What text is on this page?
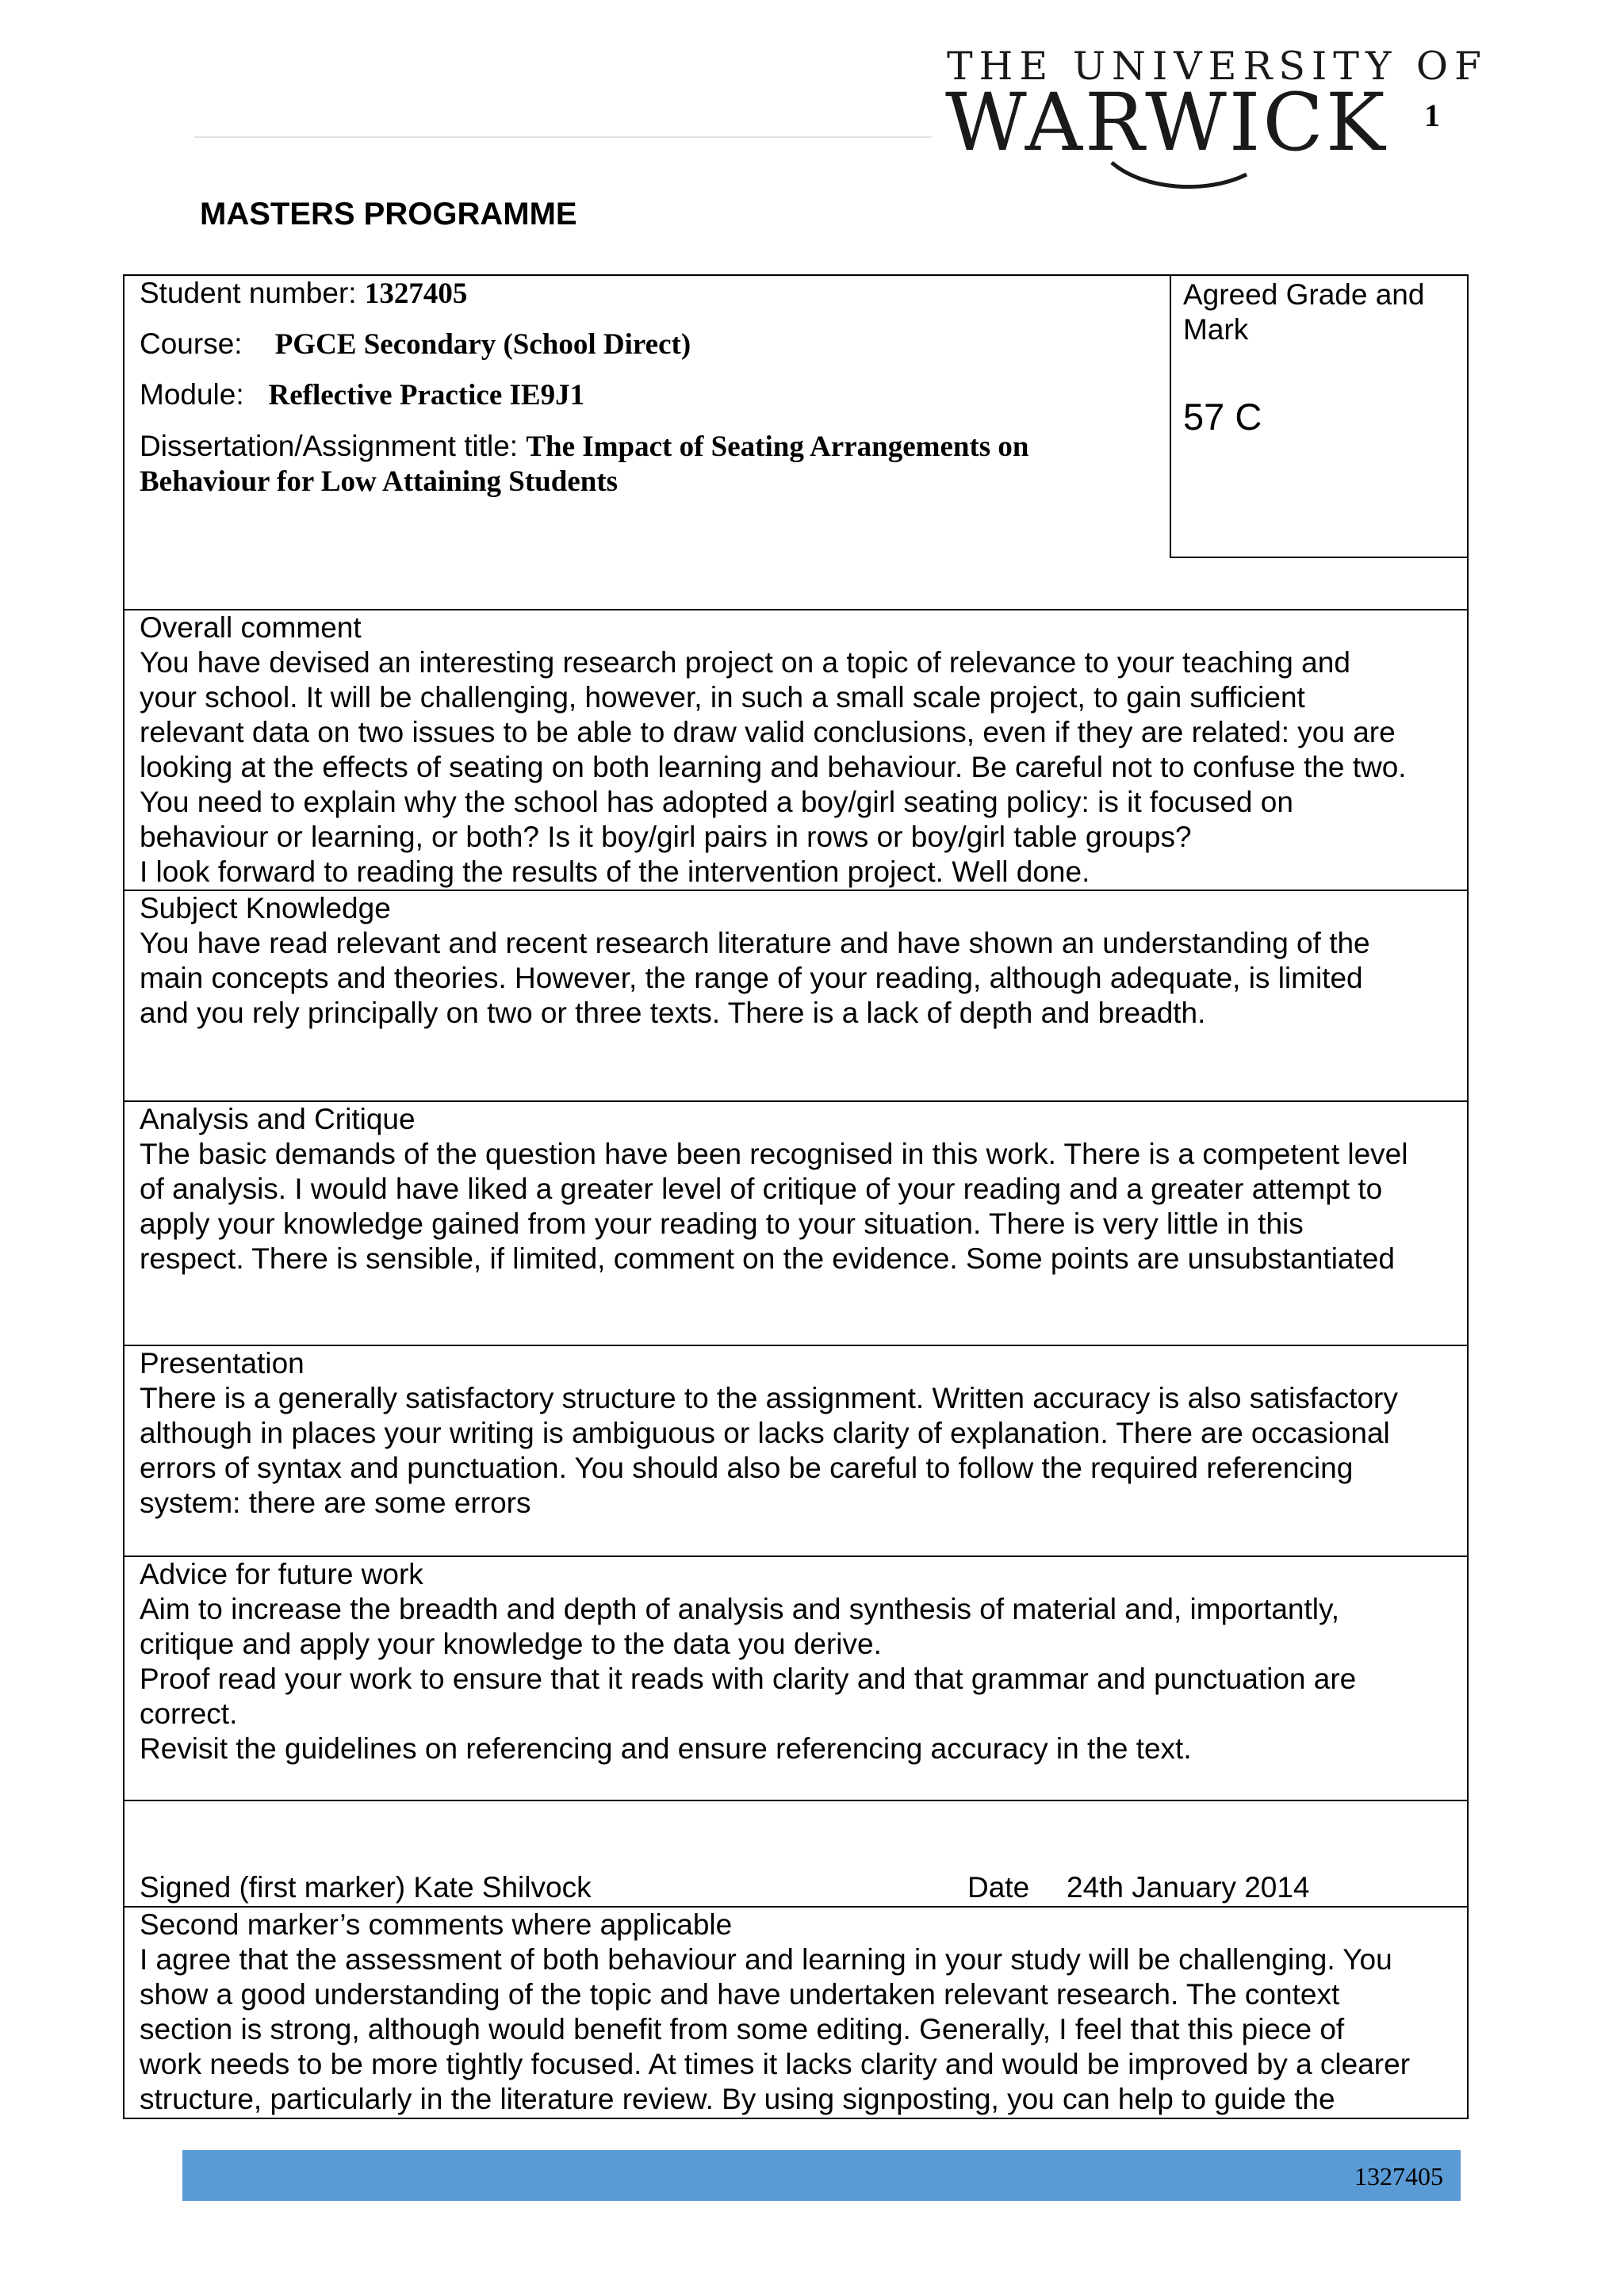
THE UNIVERSITY OF
WARWICK 1
MASTERS PROGRAMME
Student number: 1327405
Course: PGCE Secondary (School Direct)
Module: Reflective Practice IE9J1
Dissertation/Assignment title: The Impact of Seating Arrangements on
Behaviour for Low Attaining Students
Agreed Grade and Mark
57 C
Overall comment
You have devised an interesting research project on a topic of relevance to your teaching and
your school. It will be challenging, however, in such a small scale project, to gain sufficient
relevant data on two issues to be able to draw valid conclusions, even if they are related: you are
looking at the effects of seating on both learning and behaviour. Be careful not to confuse the two.
You need to explain why the school has adopted a boy/girl seating policy: is it focused on
behaviour or learning, or both? Is it boy/girl pairs in rows or boy/girl table groups?
I look forward to reading the results of the intervention project. Well done.
Subject Knowledge
You have read relevant and recent research literature and have shown an understanding of the
main concepts and theories. However, the range of your reading, although adequate, is limited
and you rely principally on two or three texts. There is a lack of depth and breadth.
Analysis and Critique
The basic demands of the question have been recognised in this work. There is a competent level
of analysis. I would have liked a greater level of critique of your reading and a greater attempt to
apply your knowledge gained from your reading to your situation. There is very little in this
respect. There is sensible, if limited, comment on the evidence. Some points are unsubstantiated
Presentation
There is a generally satisfactory structure to the assignment. Written accuracy is also satisfactory
although in places your writing is ambiguous or lacks clarity of explanation. There are occasional
errors of syntax and punctuation. You should also be careful to follow the required referencing
system: there are some errors
Advice for future work
Aim to increase the breadth and depth of analysis and synthesis of material and, importantly,
critique and apply your knowledge to the data you derive.
Proof read your work to ensure that it reads with clarity and that grammar and punctuation are
correct.
Revisit the guidelines on referencing and ensure referencing accuracy in the text.
Signed (first marker) Kate Shilvock	Date 24th January 2014
Second marker’s comments where applicable
I agree that the assessment of both behaviour and learning in your study will be challenging. You
show a good understanding of the topic and have undertaken relevant research. The context
section is strong, although would benefit from some editing. Generally, I feel that this piece of
work needs to be more tightly focused. At times it lacks clarity and would be improved by a clearer
structure, particularly in the literature review. By using signposting, you can help to guide the
1327405
